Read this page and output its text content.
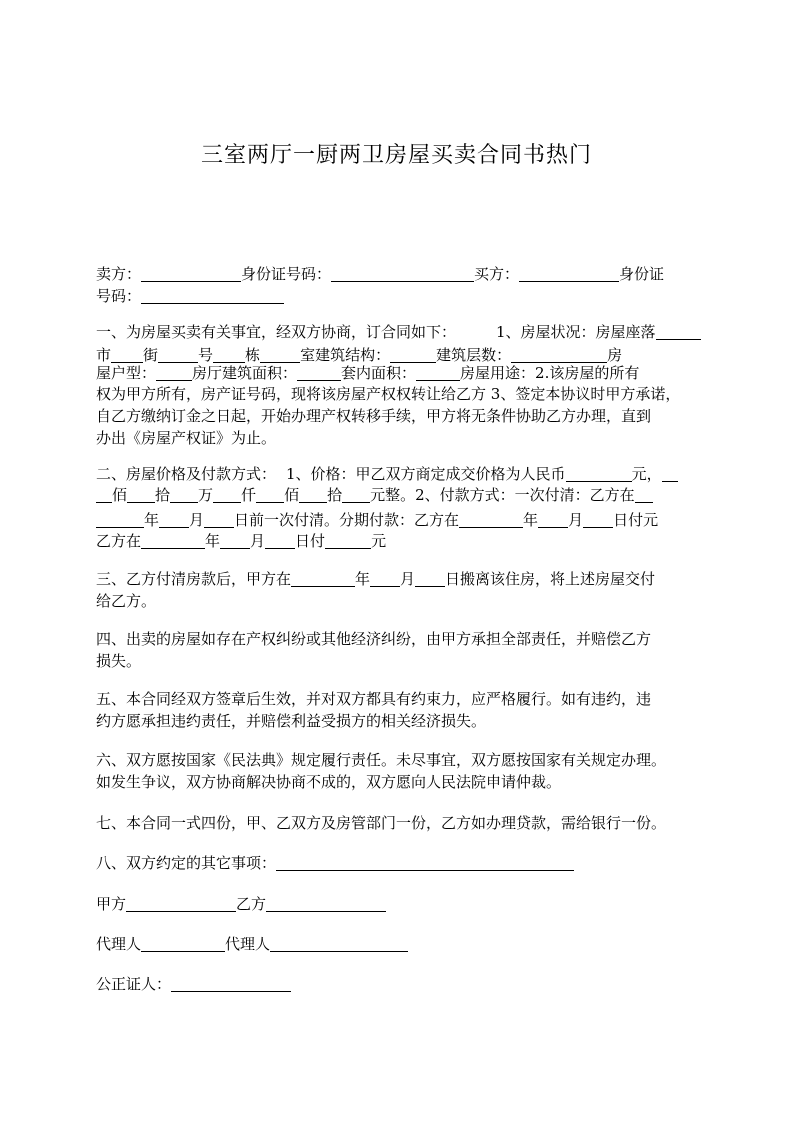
三室两厅一厨两卫房屋买卖合同书热门
卖方：	身份证号码：	买方：	身份证
号码：
一、为房屋买卖有关事宜，经双方协商，订合同如下：	1、房屋状况：房屋座落
市 街	号 栋	室建筑结构：	建筑层数：	房
屋户型： 房厅建筑面积：	套内面积：	房屋用途：2.该房屋的所有
权为甲方所有，房产证号码，现将该房屋产权权转让给乙方 3、签定本协议时甲方承诺，
自乙方缴纳订金之日起，开始办理产权转移手续，甲方将无条件协助乙方办理，直到
办出《房屋产权证》为止。
二、房屋价格及付款方式： 1、价格：甲乙双方商定成交价格为人民币	元，
佰 拾 万 仟 佰 拾 元整。2、付款方式：一次付清：乙方在
年 月 日前一次付清。分期付款：乙方在	年 月 日付元
乙方在	年 月 日付	元
三、乙方付清房款后，甲方在	年 月 日搬离该住房，将上述房屋交付
给乙方。
四、出卖的房屋如存在产权纠纷或其他经济纠纷，由甲方承担全部责任，并赔偿乙方
损失。
五、本合同经双方签章后生效，并对双方都具有约束力，应严格履行。如有违约，违
约方愿承担违约责任，并赔偿利益受损方的相关经济损失。
六、双方愿按国家《民法典》规定履行责任。未尽事宜，双方愿按国家有关规定办理。
如发生争议，双方协商解决协商不成的，双方愿向人民法院申请仲裁。
七、本合同一式四份，甲、乙双方及房管部门一份，乙方如办理贷款，需给银行一份。
八、双方约定的其它事项：
甲方	乙方
代理人	代理人
公正证人：
